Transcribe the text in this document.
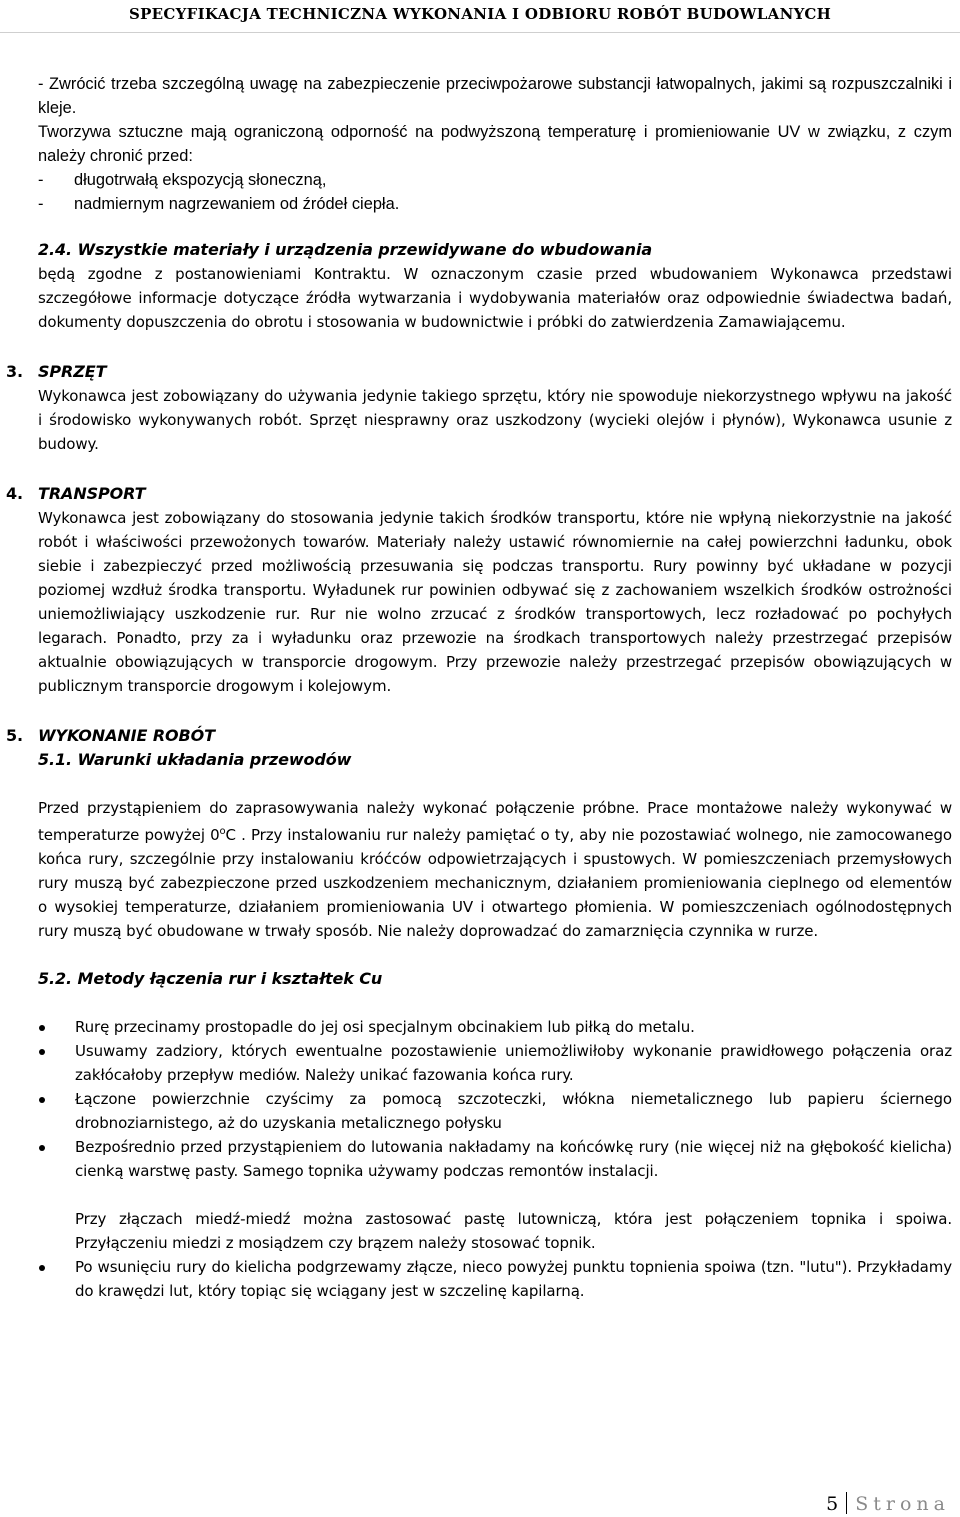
SPECYFIKACJA TECHNICZNA WYKONANIA I ODBIORU ROBÓT BUDOWLANYCH

- Zwrócić trzeba szczególną uwagę na zabezpieczenie przeciwpożarowe substancji łatwopalnych, jakimi są rozpuszczalniki i kleje.

Tworzywa sztuczne mają ograniczoną odporność na podwyższoną temperaturę i promieniowanie UV w związku, z czym należy chronić przed:

-	długotrwałą ekspozycją słoneczną,
-	nadmiernym nagrzewaniem od źródeł ciepła.

2.4. Wszystkie materiały i urządzenia przewidywane do wbudowania

będą zgodne z postanowieniami Kontraktu. W oznaczonym czasie przed wbudowaniem Wykonawca przedstawi szczegółowe informacje dotyczące źródła wytwarzania i wydobywania materiałów oraz odpowiednie świadectwa badań, dokumenty dopuszczenia do obrotu i stosowania w budownictwie i próbki do zatwierdzenia Zamawiającemu.

3. SPRZĘT

Wykonawca jest zobowiązany do używania jedynie takiego sprzętu, który nie spowoduje niekorzystnego wpływu na jakość i środowisko wykonywanych robót. Sprzęt niesprawny oraz uszkodzony (wycieki olejów i płynów), Wykonawca usunie z budowy.

4. TRANSPORT

Wykonawca jest zobowiązany do stosowania jedynie takich środków transportu, które nie wpłyną niekorzystnie na jakość robót i właściwości przewożonych towarów. Materiały należy ustawić równomiernie na całej powierzchni ładunku, obok siebie i zabezpieczyć przed możliwością przesuwania się podczas transportu. Rury powinny być układane w pozycji poziomej wzdłuż środka transportu. Wyładunek rur powinien odbywać się z zachowaniem wszelkich środków ostrożności uniemożliwiający uszkodzenie rur. Rur nie wolno zrzucać z środków transportowych, lecz rozładować po pochyłych legarach. Ponadto, przy za i wyładunku oraz przewozie na środkach transportowych należy przestrzegać przepisów aktualnie obowiązujących w transporcie drogowym. Przy przewozie należy przestrzegać przepisów obowiązujących w publicznym transporcie drogowym i kolejowym.

5. WYKONANIE ROBÓT

5.1. Warunki układania przewodów

Przed przystąpieniem do zaprasowywania należy wykonać połączenie próbne. Prace montażowe należy wykonywać w temperaturze powyżej 0$^o$C . Przy instalowaniu rur należy pamiętać o ty, aby nie pozostawiać wolnego, nie zamocowanego końca rury, szczególnie przy instalowaniu króćców odpowietrzających i spustowych. W pomieszczeniach przemysłowych rury muszą być zabezpieczone przed uszkodzeniem mechanicznym, działaniem promieniowania cieplnego od elementów o wysokiej temperaturze, działaniem promieniowania UV i otwartego płomienia. W pomieszczeniach ogólnodostępnych rury muszą być obudowane w trwały sposób. Nie należy doprowadzać do zamarznięcia czynnika w rurze.

5.2. Metody łączenia rur i kształtek Cu

Rurę przecinamy prostopadle do jej osi specjalnym obcinakiem lub piłką do metalu.
Usuwamy zadziory, których ewentualne pozostawienie uniemożliwiłoby wykonanie prawidłowego połączenia oraz zakłócałoby przepływ mediów. Należy unikać fazowania końca rury.
Łączone powierzchnie czyścimy za pomocą szczoteczki, włókna niemetalicznego lub papieru ściernego drobnoziarnistego, aż do uzyskania metalicznego połysku
Bezpośrednio przed przystąpieniem do lutowania nakładamy na końcówkę rury (nie więcej niż na głębokość kielicha) cienką warstwę pasty. Samego topnika używamy podczas remontów instalacji.

Przy złączach miedź-miedź można zastosować pastę lutowniczą, która jest połączeniem topnika i spoiwa. Przyłączeniu miedzi z mosiądzem czy brązem należy stosować topnik.

Po wsunięciu rury do kielicha podgrzewamy złącze, nieco powyżej punktu topnienia spoiwa (tzn. "lutu"). Przykładamy do krawędzi lut, który topiąc się wciągany jest w szczelinę kapilarną.
5 Strona
